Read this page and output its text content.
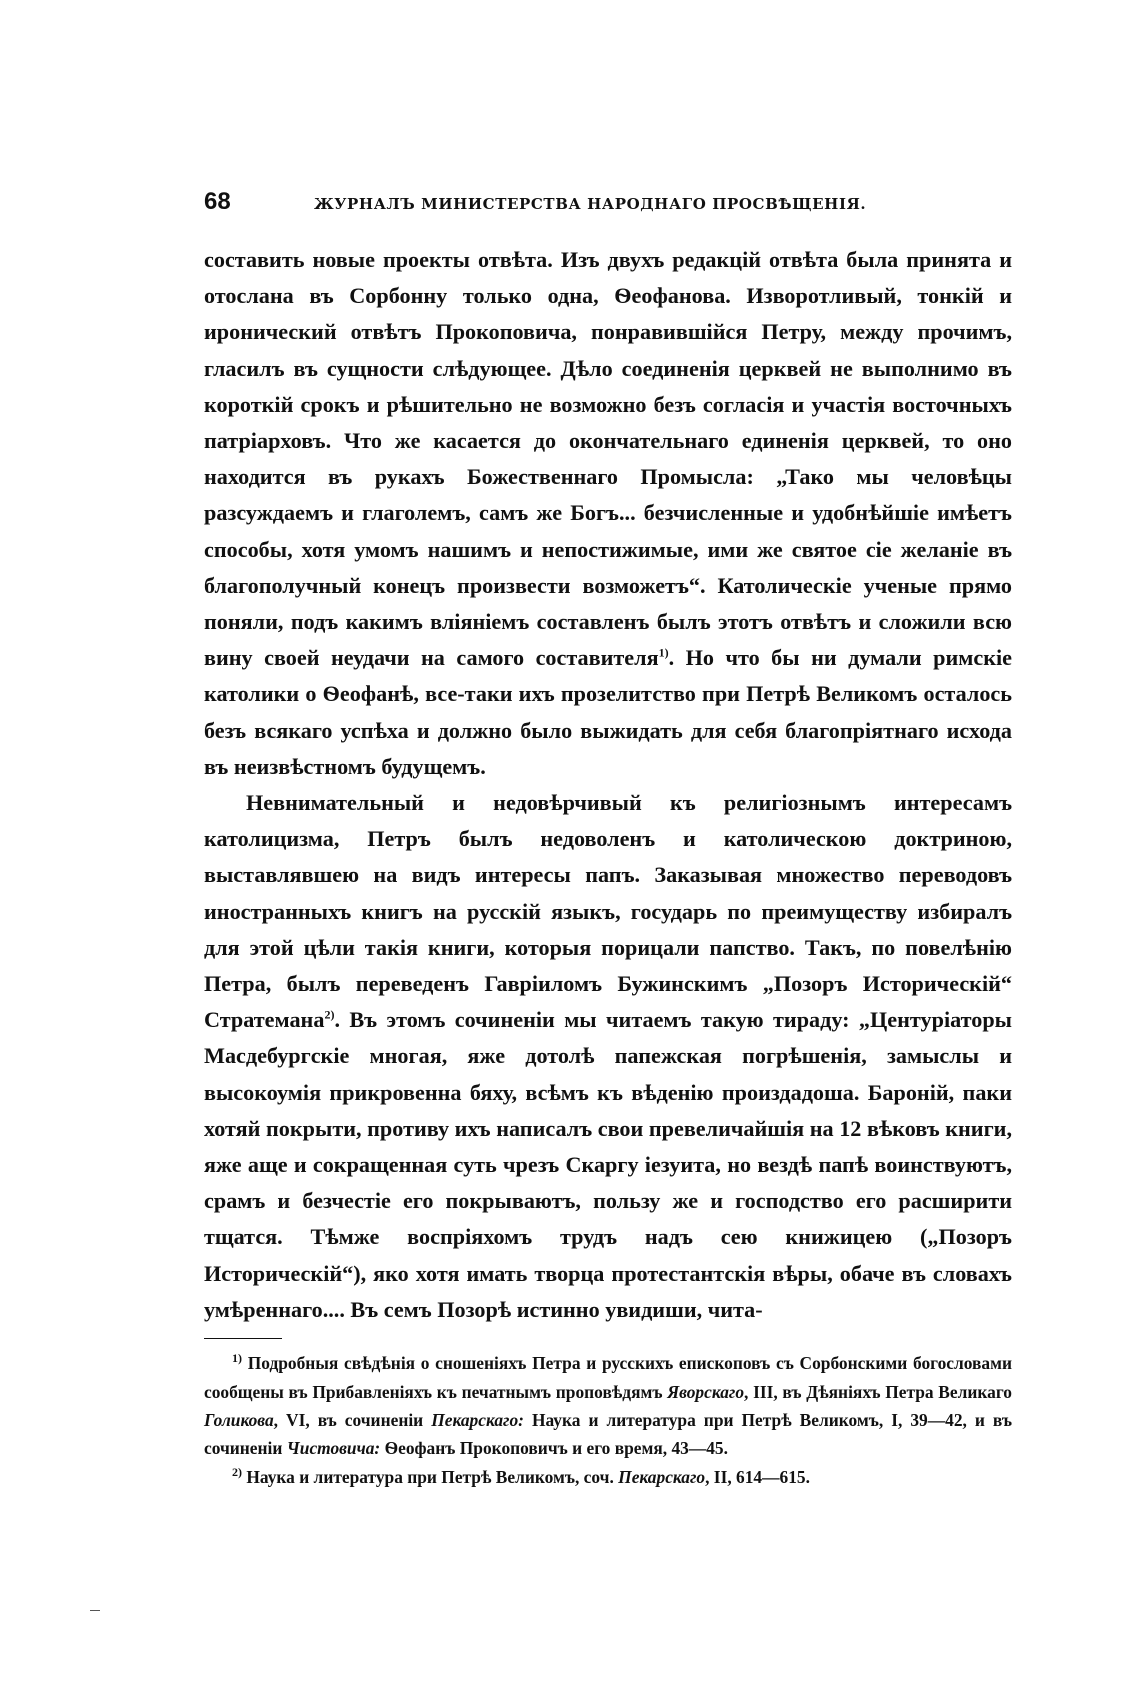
68	ЖУРНАЛЪ МИНИСТЕРСТВА НАРОДНАГО ПРОСВѢЩЕНІЯ.

составить новые проекты отвѣта. Изъ двухъ редакцій отвѣта была принята и отослана въ Сорбонну только одна, Ѳеофанова. Изворотливый, тонкій и иронический отвѣтъ Прокоповича, понравившійся Петру, между прочимъ, гласилъ въ сущности слѣдующее. Дѣло соединенія церквей не выполнимо въ короткій срокъ и рѣшительно не возможно безъ согласія и участія восточныхъ патріарховъ. Что же касается до окончательнаго единенія церквей, то оно находится въ рукахъ Божественнаго Промысла: „Тако мы человѣцы разсуждаемъ и глаголемъ, самъ же Богъ... безчисленные и удобнѣйшіе имѣетъ способы, хотя умомъ нашимъ и непостижимые, ими же святое сіе желаніе въ благополучный конецъ произвести возможетъ“. Католическіе ученые прямо поняли, подъ какимъ вліяніемъ составленъ былъ этотъ отвѣтъ и сложили всю вину своей неудачи на самого составителя$^{1)}$. Но что бы ни думали римскіе католики о Ѳеофанѣ, все-таки ихъ прозелитство при Петрѣ Великомъ осталось безъ всякаго успѣха и должно было выжидать для себя благопріятнаго исхода въ неизвѣстномъ будущемъ.

Невнимательный и недовѣрчивый къ религіознымъ интересамъ католицизма, Петръ былъ недоволенъ и католическою доктриною, выставлявшею на видъ интересы папъ. Заказывая множество переводовъ иностранныхъ книгъ на русскій языкъ, государь по преимуществу избиралъ для этой цѣли такія книги, которыя порицали папство. Такъ, по повелѣнію Петра, былъ переведенъ Гавріиломъ Бужинскимъ „Позоръ Историческій“ Стратемана$^{2)}$. Въ этомъ сочиненіи мы читаемъ такую тираду: „Центуріаторы Масдебургскіе многая, яже дотолѣ папежская погрѣшенія, замыслы и высокоумія прикровенна бяху, всѣмъ къ вѣденію произдадоша. Бароній, паки хотяй покрыти, противу ихъ написалъ свои превеличайшія на 12 вѣковъ книги, яже аще и сокращенная суть чрезъ Скаргу іезуита, но вездѣ папѣ воинствуютъ, срамъ и безчестіе его покрываютъ, пользу же и господство его расширити тщатся. Тѣмже воспріяхомъ трудъ надъ сею книжицею („Позоръ Историческій“), яко хотя имать творца протестантскія вѣры, обаче въ словахъ умѣреннаго.... Въ семъ Позорѣ истинно увидиши, чита-

$^{1)}$ Подробныя свѣдѣнія о сношеніяхъ Петра и русскихъ епископовъ съ Сорбонскими богословами сообщены въ Прибавленіяхъ къ печатнымъ проповѣдямъ Яворскаго, III, въ Дѣяніяхъ Петра Великаго Голикова, VI, въ сочиненіи Пекарскаго: Наука и литература при Петрѣ Великомъ, I, 39—42, и въ сочиненіи Чистовича: Ѳеофанъ Прокоповичъ и его время, 43—45.

$^{2)}$ Наука и литература при Петрѣ Великомъ, соч. Пекарскаго, II, 614—615.
